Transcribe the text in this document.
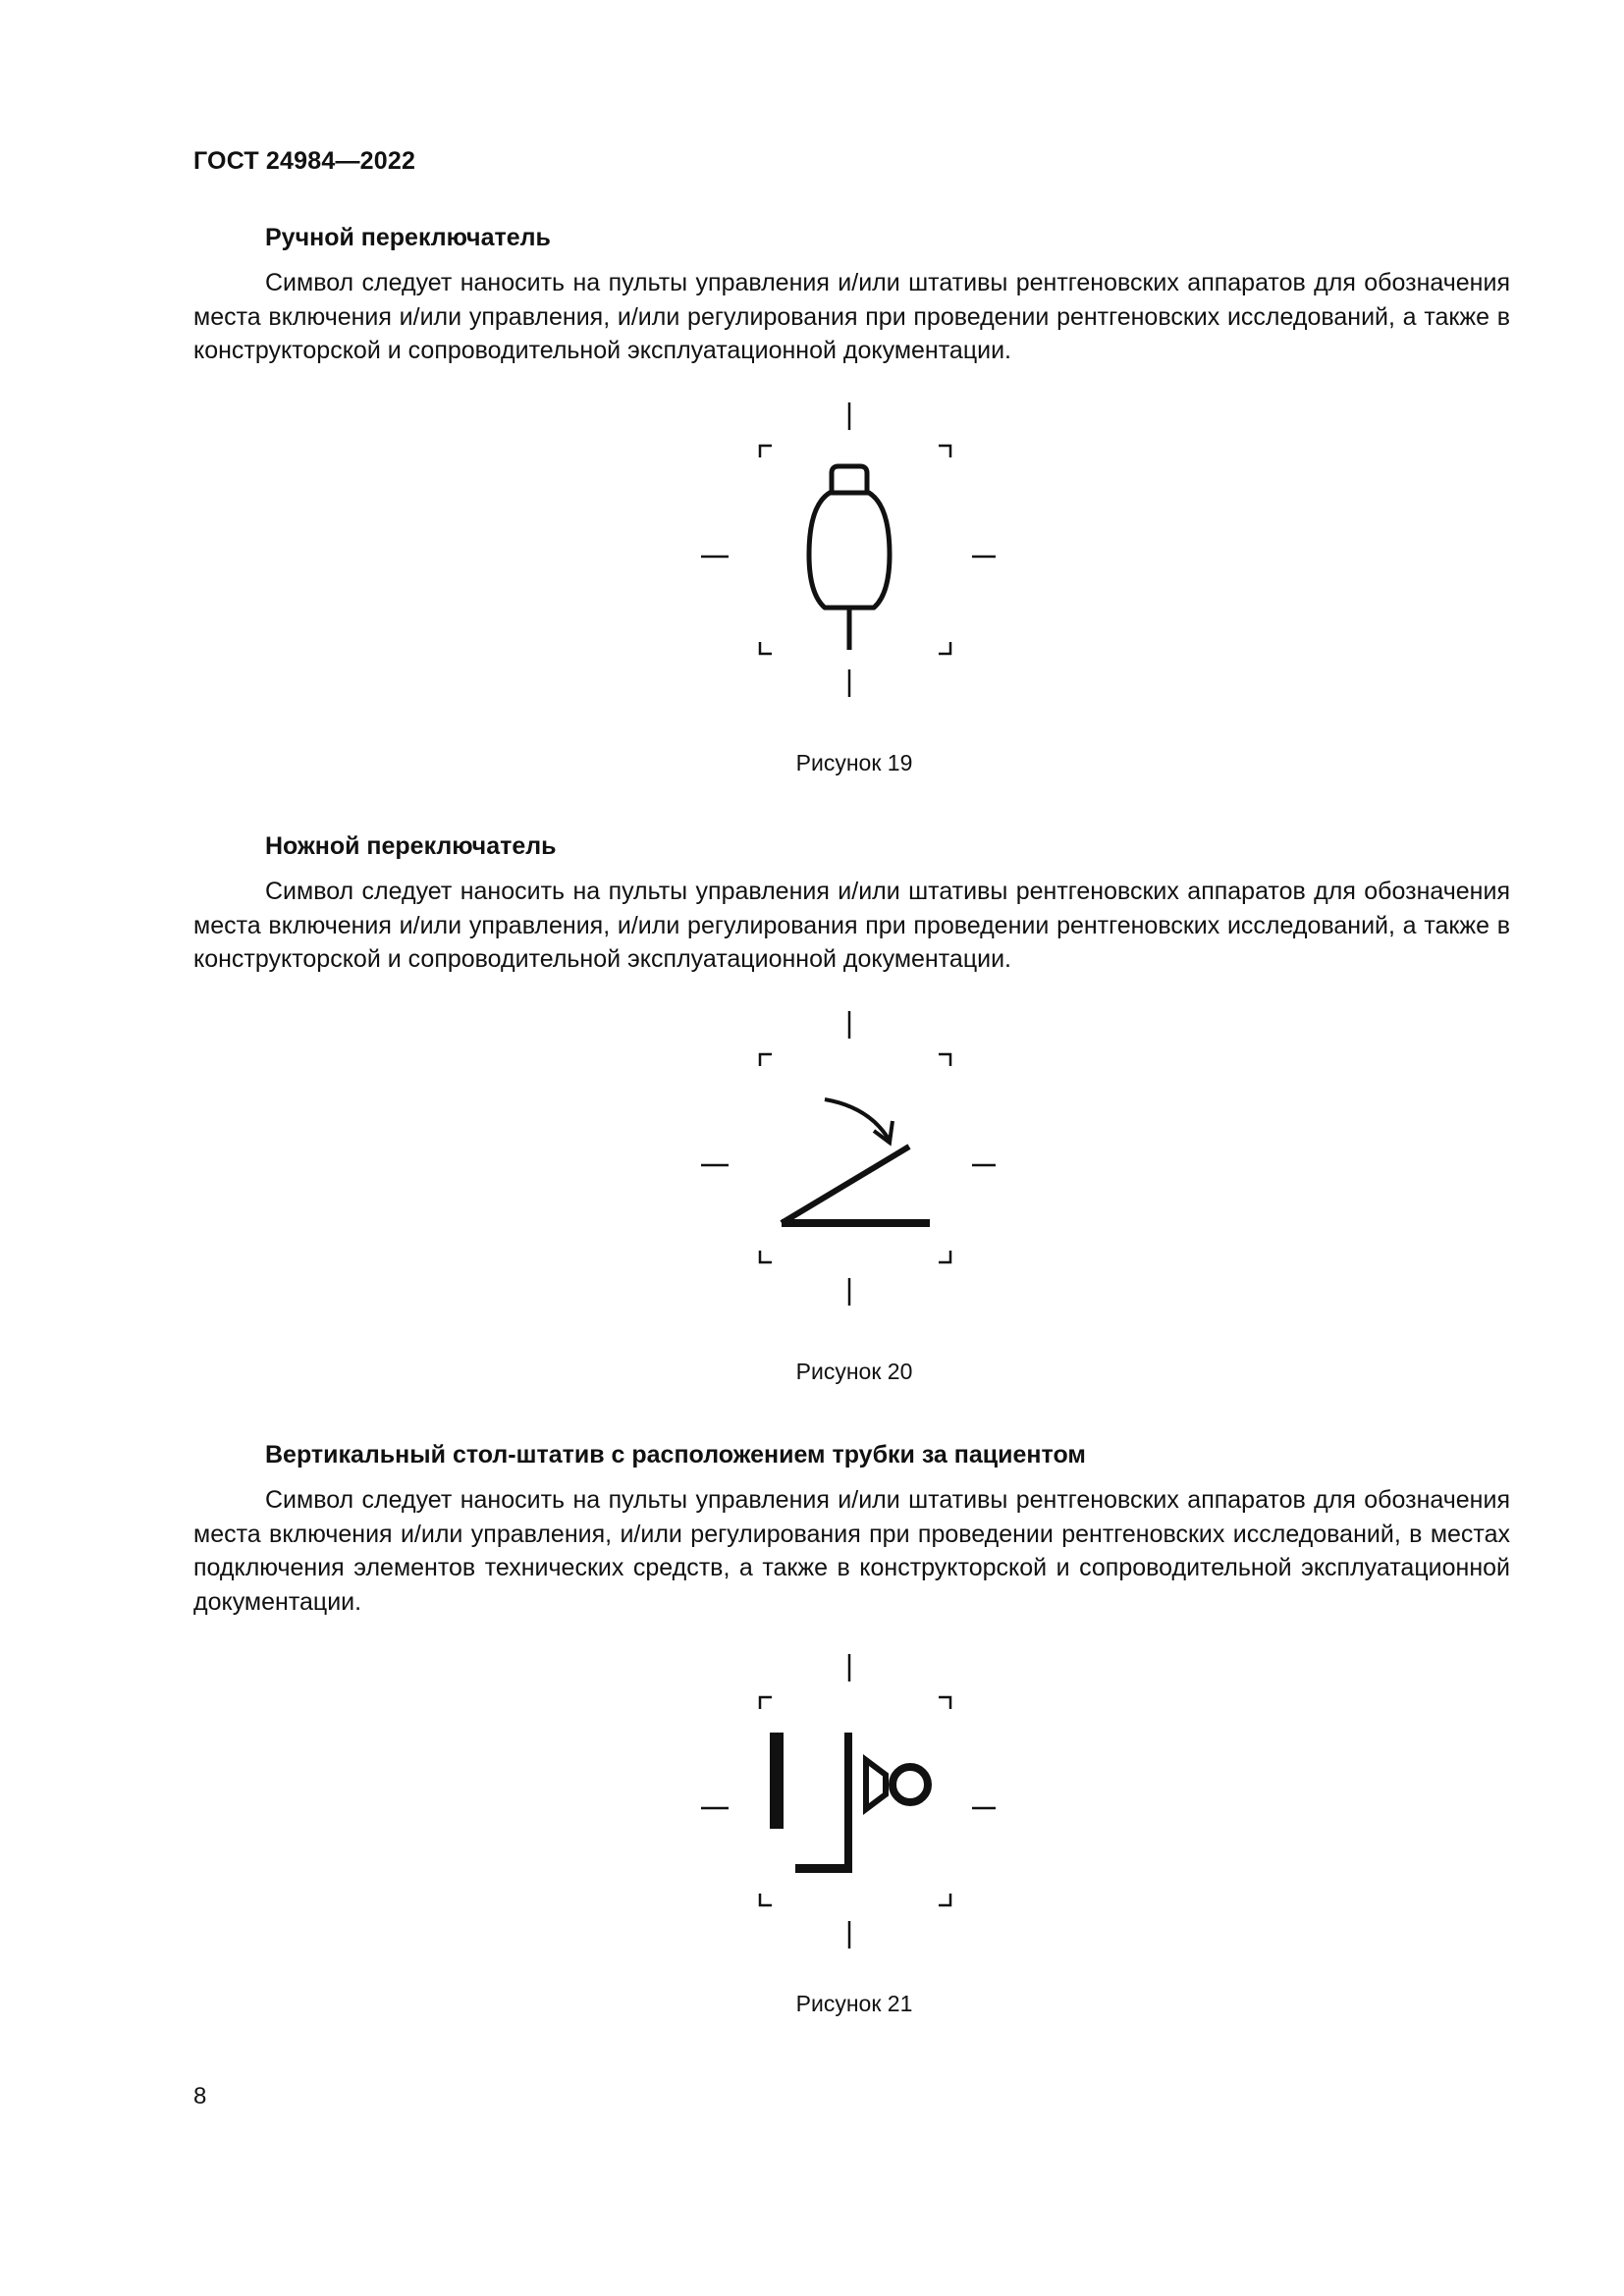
ГОСТ 24984—2022

Ручной переключатель

Символ следует наносить на пульты управления и/или штативы рентгеновских аппаратов для обозначения места включения и/или управления, и/или регулирования при проведении рентгеновских исследований, а также в конструкторской и сопроводительной эксплуатационной документации.

Рисунок 19

Ножной переключатель

Символ следует наносить на пульты управления и/или штативы рентгеновских аппаратов для обозначения места включения и/или управления, и/или регулирования при проведении рентгеновских исследований, а также в конструкторской и сопроводительной эксплуатационной документации.

Рисунок 20

Вертикальный стол-штатив с расположением трубки за пациентом

Символ следует наносить на пульты управления и/или штативы рентгеновских аппаратов для обозначения места включения и/или управления, и/или регулирования при проведении рентгеновских исследований, в местах подключения элементов технических средств, а также в конструкторской и сопроводительной эксплуатационной документации.

Рисунок 21
8
